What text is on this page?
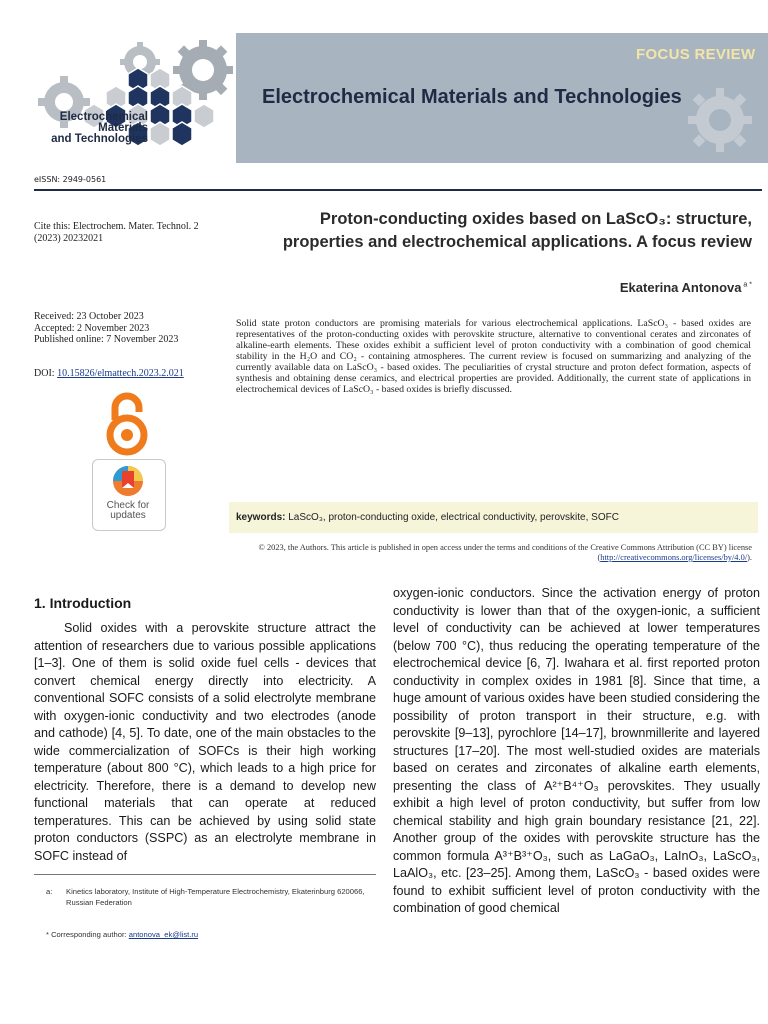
FOCUS REVIEW
Electrochemical Materials and Technologies
Electrochemical
Materials
and Technologies
eISSN: 2949-0561
Cite this: Electrochem. Mater. Technol. 2 (2023) 20232021
Received: 23 October 2023
Accepted: 2 November 2023
Published online: 7 November 2023
DOI: 10.15826/elmattech.2023.2.021
Check for
updates
Proton-conducting oxides based on LaScO₃: structure,
properties and electrochemical applications. A focus review
Ekaterina Antonova $^{a *}$
Solid state proton conductors are promising materials for various electrochemical applications. LaScO₃ - based oxides are representatives of the proton-conducting oxides with perovskite structure, alternative to conventional cerates and zirconates of alkaline-earth elements. These oxides exhibit a sufficient level of proton conductivity with a combination of good chemical stability in the H₂O and CO₂ - containing atmospheres. The current review is focused on summarizing and analyzing of the currently available data on LaScO₃ - based oxides. The peculiarities of crystal structure and proton defect formation, aspects of synthesis and obtaining dense ceramics, and electrical properties are provided. Additionally, the current state of applications in electrochemical devices of LaScO₃ - based oxides is briefly discussed.
keywords: LaScO₃, proton-conducting oxide, electrical conductivity, perovskite, SOFC
© 2023, the Authors. This article is published in open access under the terms and conditions of the Creative Commons Attribution (CC BY) license
(http://creativecommons.org/licenses/by/4.0/).
1. Introduction

Solid oxides with a perovskite structure attract the attention of researchers due to various possible applications [1–3]. One of them is solid oxide fuel cells - devices that convert chemical energy directly into electricity. A conventional SOFC consists of a solid electrolyte membrane with oxygen-ionic conductivity and two electrodes (anode and cathode) [4, 5]. To date, one of the main obstacles to the wide commercialization of SOFCs is their high working temperature (about 800 °C), which leads to a high price for electricity. Therefore, there is a demand to develop new functional materials that can operate at reduced temperatures. This can be achieved by using solid state proton conductors (SSPC) as an electrolyte membrane in SOFC instead of

oxygen-ionic conductors. Since the activation energy of proton conductivity is lower than that of the oxygen-ionic, a sufficient level of conductivity can be achieved at lower temperatures (below 700 °C), thus reducing the operating temperature of the electrochemical device [6, 7]. Iwahara et al. first reported proton conductivity in complex oxides in 1981 [8]. Since that time, a huge amount of various oxides have been studied considering the possibility of proton transport in their structure, e.g. with perovskite [9–13], pyrochlore [14–17], brownmillerite and layered structures [17–20]. The most well-studied oxides are materials based on cerates and zirconates of alkaline earth elements, presenting the class of A²⁺B⁴⁺O₃ perovskites. They usually exhibit a high level of proton conductivity, but suffer from low chemical stability and high grain boundary resistance [21, 22]. Another group of the oxides with perovskite structure has the common formula A³⁺B³⁺O₃, such as LaGaO₃, LaInO₃, LaScO₃, LaAlO₃, etc. [23–25]. Among them, LaScO₃ - based oxides were found to exhibit sufficient level of proton conductivity with the combination of good chemical

a: Kinetics laboratory, Institute of High-Temperature Electrochemistry, Ekaterinburg 620066, Russian Federation
* Corresponding author: antonova_ek@list.ru
